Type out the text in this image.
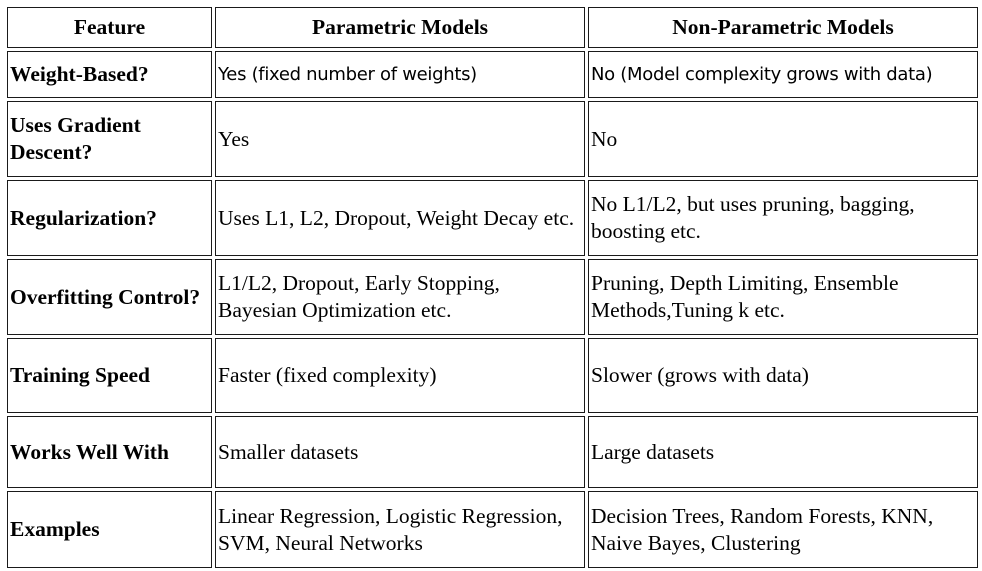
Feature	Parametric Models	Non-Parametric Models
Weight-Based?	Yes (fixed number of weights)	No (Model complexity grows with data)
Uses Gradient Descent?	Yes	No
Regularization?	Uses L1, L2, Dropout, Weight Decay etc.	No L1/L2, but uses pruning, bagging, boosting etc.
Overfitting Control?	L1/L2, Dropout, Early Stopping, Bayesian Optimization etc.	Pruning, Depth Limiting, Ensemble Methods,Tuning k etc.
Training Speed	Faster (fixed complexity)	Slower (grows with data)
Works Well With	Smaller datasets	Large datasets
Examples	Linear Regression, Logistic Regression, SVM, Neural Networks	Decision Trees, Random Forests, KNN, Naive Bayes, Clustering
